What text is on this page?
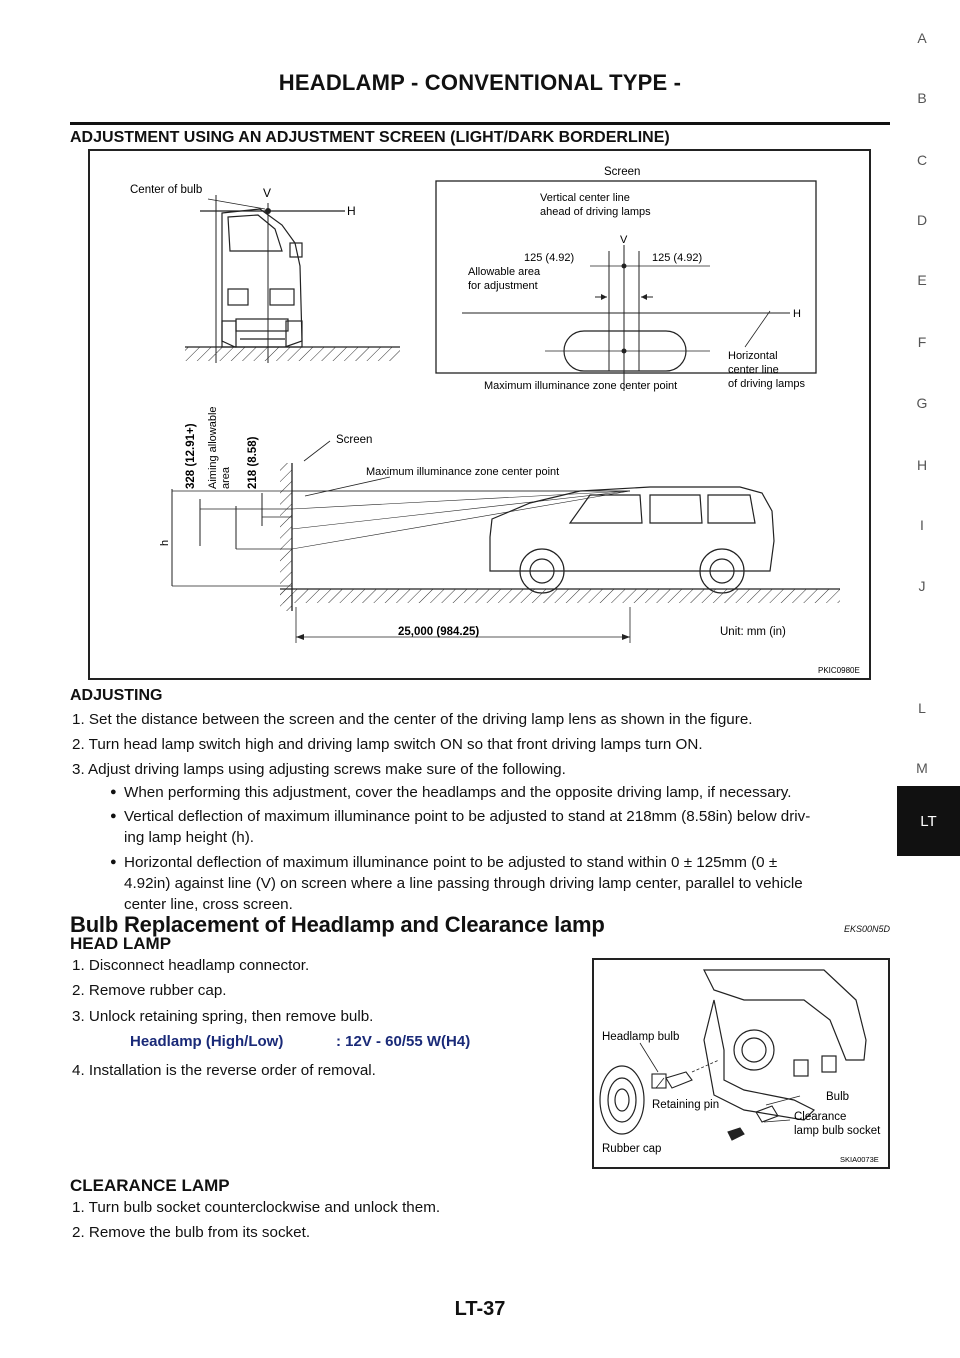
HEADLAMP - CONVENTIONAL TYPE -
A
B
C
D
E
F
G
H
I
J
L
M
LT
ADJUSTMENT USING AN ADJUSTMENT SCREEN (LIGHT/DARK BORDERLINE)
Center of bulb	V
H
Screen
Vertical center line
ahead of driving lamps
V
125 (4.92)	125 (4.92)
Allowable area
for adjustment
H
Horizontal
center line
of driving lamps
Maximum illuminance zone center point
328 (12.91+) Aiming allowable area 218 (8.58)
h
Screen
Maximum illuminance zone center point
25,000 (984.25)	Unit: mm (in)
PKIC0980E
ADJUSTING
1. Set the distance between the screen and the center of the driving lamp lens as shown in the figure.
2. Turn head lamp switch high and driving lamp switch ON so that front driving lamps turn ON.
3. Adjust driving lamps using adjusting screws make sure of the following.
● When performing this adjustment, cover the headlamps and the opposite driving lamp, if necessary.
● Vertical deflection of maximum illuminance point to be adjusted to stand at 218mm (8.58in) below driv-
ing lamp height (h).
● Horizontal deflection of maximum illuminance point to be adjusted to stand within 0 ± 125mm (0 ±
4.92in) against line (V) on screen where a line passing through driving lamp center, parallel to vehicle
center line, cross screen.
Bulb Replacement of Headlamp and Clearance lamp	EKS00N5D
HEAD LAMP
1. Disconnect headlamp connector.
2. Remove rubber cap.
3. Unlock retaining spring, then remove bulb.
Headlamp (High/Low)	: 12V - 60/55 W(H4)
4. Installation is the reverse order of removal.
Headlamp bulb
Retaining pin
Bulb
Clearance
lamp bulb socket
Rubber cap
SKIA0073E
CLEARANCE LAMP
1. Turn bulb socket counterclockwise and unlock them.
2. Remove the bulb from its socket.
LT-37
